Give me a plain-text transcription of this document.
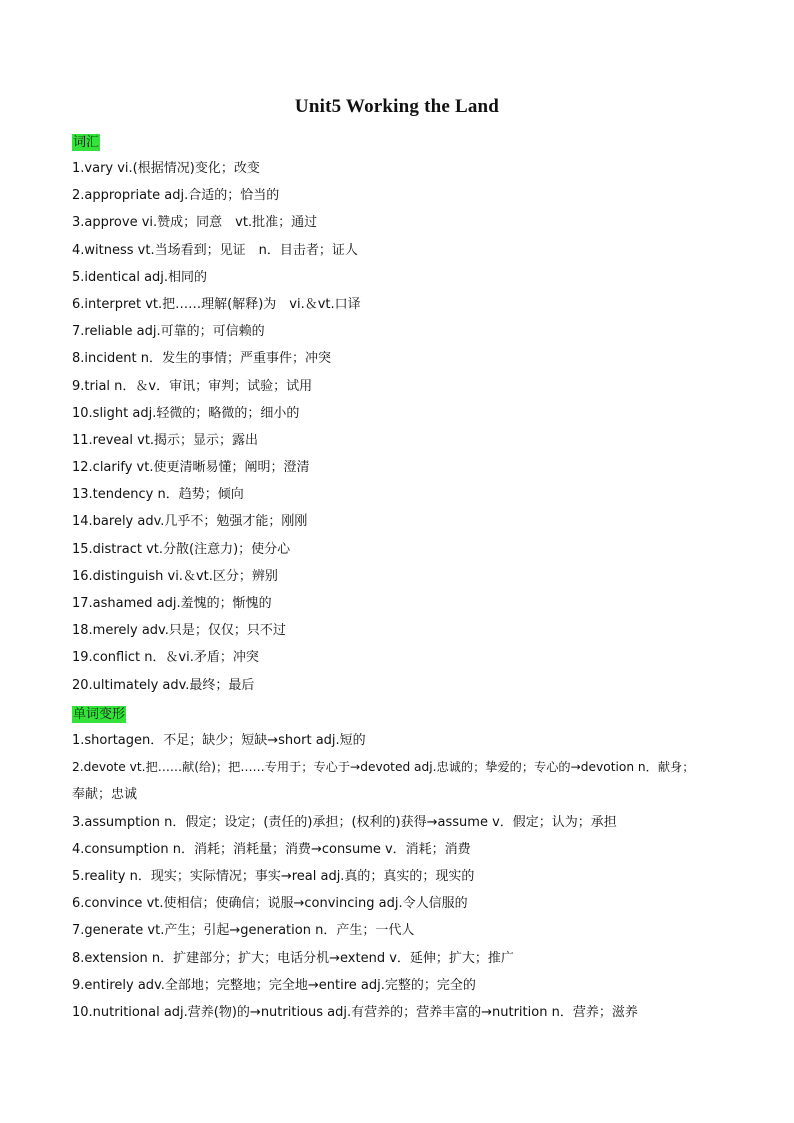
Unit5 Working the Land
词汇
1.vary vi.(根据情况)变化；改变
2.appropriate adj.合适的；恰当的
3.approve vi.赞成；同意　vt.批准；通过
4.witness vt.当场看到；见证　n．目击者；证人
5.identical adj.相同的
6.interpret vt.把……理解(解释)为　vi.＆vt.口译
7.reliable adj.可靠的；可信赖的
8.incident n．发生的事情；严重事件；冲突
9.trial n．＆v．审讯；审判；试验；试用
10.slight adj.轻微的；略微的；细小的
11.reveal vt.揭示；显示；露出
12.clarify vt.使更清晰易懂；阐明；澄清
13.tendency n．趋势；倾向
14.barely adv.几乎不；勉强才能；刚刚
15.distract vt.分散(注意力)；使分心
16.distinguish vi.＆vt.区分；辨别
17.ashamed adj.羞愧的；惭愧的
18.merely adv.只是；仅仅；只不过
19.conflict n．＆vi.矛盾；冲突
20.ultimately adv.最终；最后
单词变形
1.shortagen．不足；缺少；短缺→short adj.短的
2.devote vt.把……献(给)；把……专用于；专心于→devoted adj.忠诚的；挚爱的；专心的→devotion n．献身；
奉献；忠诚
3.assumption n．假定；设定；(责任的)承担；(权利的)获得→assume v．假定；认为；承担
4.consumption n．消耗；消耗量；消费→consume v．消耗；消费
5.reality n．现实；实际情况；事实→real adj.真的；真实的；现实的
6.convince vt.使相信；使确信；说服→convincing adj.令人信服的
7.generate vt.产生；引起→generation n．产生；一代人
8.extension n．扩建部分；扩大；电话分机→extend v．延伸；扩大；推广
9.entirely adv.全部地；完整地；完全地→entire adj.完整的；完全的
10.nutritional adj.营养(物)的→nutritious adj.有营养的；营养丰富的→nutrition n．营养；滋养
